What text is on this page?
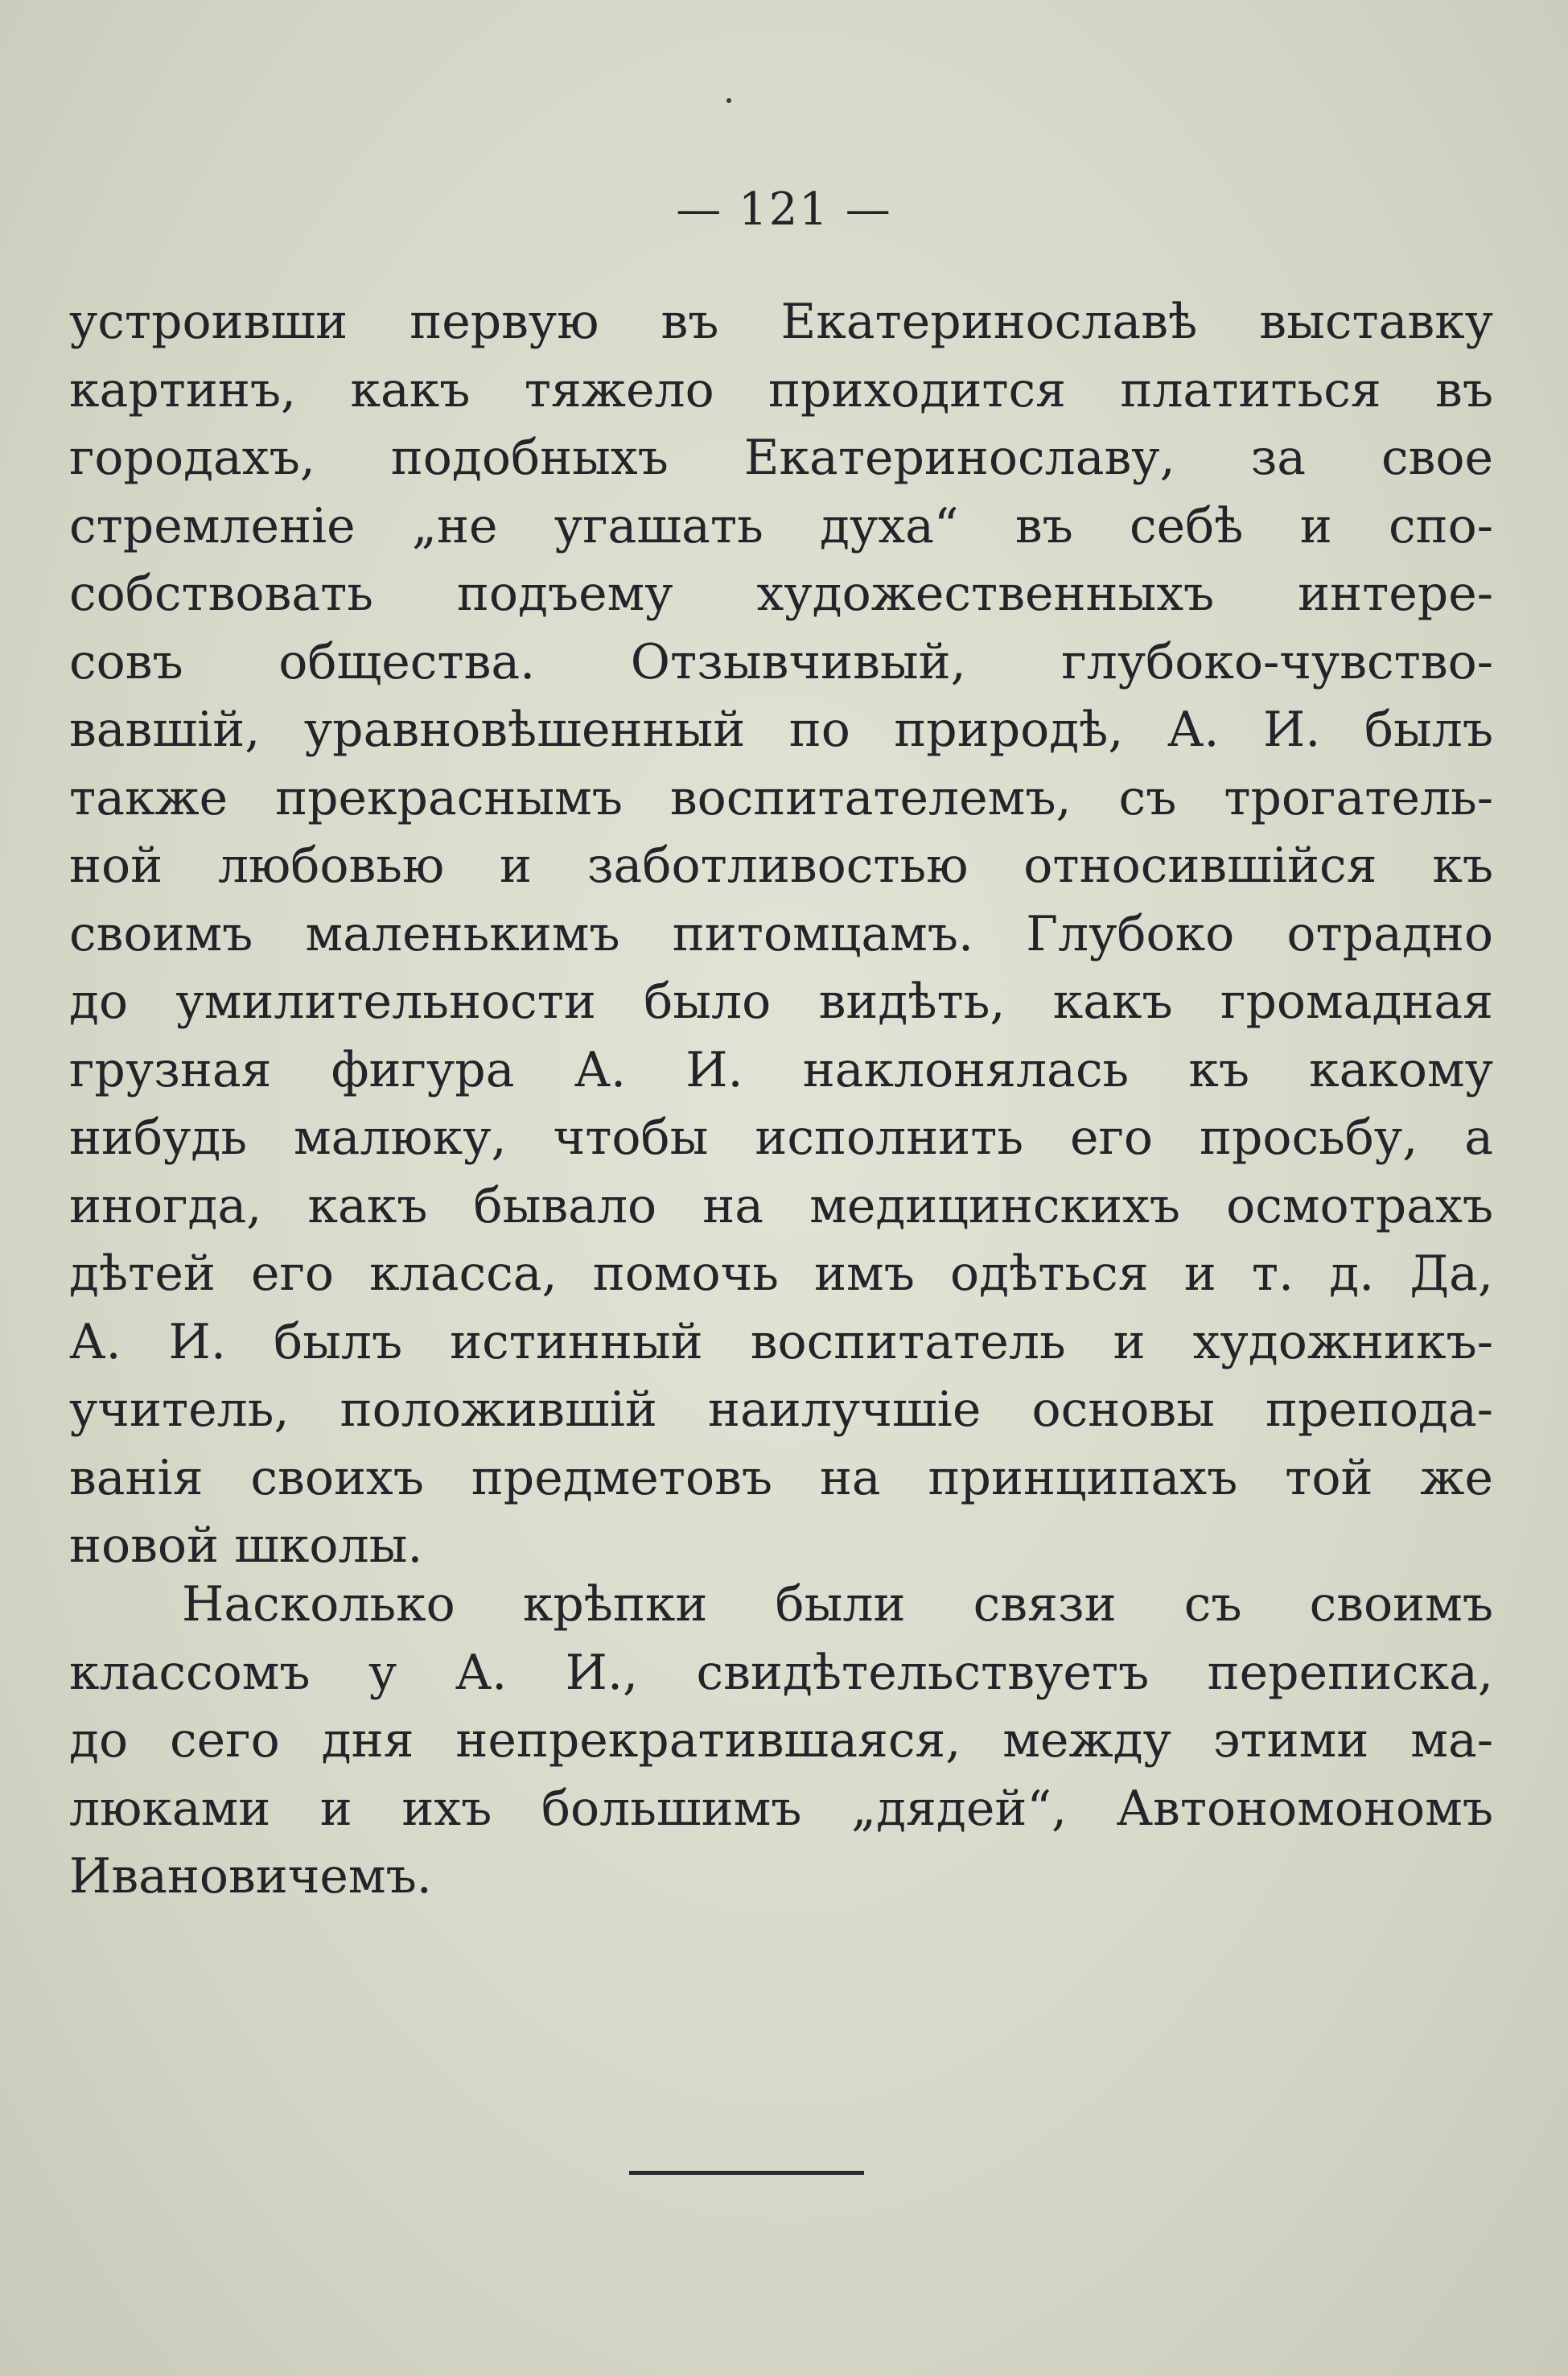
— 121 —
устроивши первую въ Екатеринославѣ выставку
картинъ, какъ тяжело приходится платиться въ
городахъ, подобныхъ Екатеринославу, за свое
стремленіе „не угашать духа“ въ себѣ и спо-
собствовать подъему художественныхъ интере-
совъ общества. Отзывчивый, глубоко-чувство-
вавшій, уравновѣшенный по природѣ, А. И. былъ
также прекраснымъ воспитателемъ, съ трогатель-
ной любовью и заботливостью относившійся къ
своимъ маленькимъ питомцамъ. Глубоко отрадно
до умилительности было видѣть, какъ громадная
грузная фигура А. И. наклонялась къ какому
нибудь малюку, чтобы исполнить его просьбу, а
иногда, какъ бывало на медицинскихъ осмотрахъ
дѣтей его класса, помочь имъ одѣться и т. д. Да,
А. И. былъ истинный воспитатель и художникъ-
учитель, положившій наилучшіе основы препода-
ванія своихъ предметовъ на принципахъ той же
новой школы.
Насколько крѣпки были связи съ своимъ
классомъ у А. И., свидѣтельствуетъ переписка,
до сего дня непрекратившаяся, между этими ма-
люками и ихъ большимъ „дядей“, Автономономъ
Ивановичемъ.
